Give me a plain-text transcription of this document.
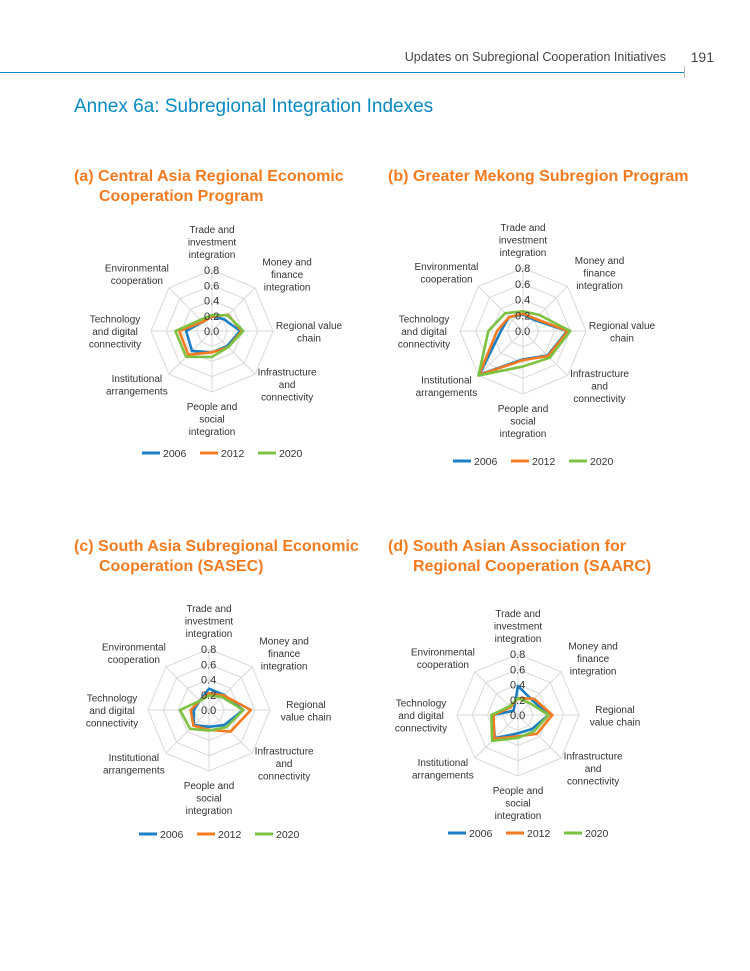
Updates on Subregional Cooperation Initiatives 191
Annex 6a: Subregional Integration Indexes
(a) Central Asia Regional Economic
Cooperation Program
(b) Greater Mekong Subregion Program
(c) South Asia Subregional Economic
Cooperation (SASEC)
(d) South Asian Association for
Regional Cooperation (SAARC)
0.0
0.2
0.4
0.6
0.8
Trade and investment integration
Money and finance integration
Regional value chain
Infrastructure and connectivity
People and social integration
Institutional arrangements
Technology and digital connectivity
Environmental cooperation
2006	2012	2020
0.0
0.2
0.4
0.6
0.8
Trade and investment integration
Money and finance integration
Regional value chain
Infrastructure and connectivity
People and social integration
Institutional arrangements
Technology and digital connectivity
Environmental cooperation
2006	2012	2020
0.0
0.2
0.4
0.6
0.8
Trade and investment integration
Money and finance integration
Regional value chain
Infrastructure and connectivity
People and social integration
Institutional arrangements
Technology and digital connectivity
Environmental cooperation
2006	2012	2020
0.0
0.2
0.4
0.6
0.8
Trade and investment integration
Money and finance integration
Regional value chain
Infrastructure and connectivity
People and social integration
Institutional arrangements
Technology and digital connectivity
Environmental cooperation
2006	2012	2020
